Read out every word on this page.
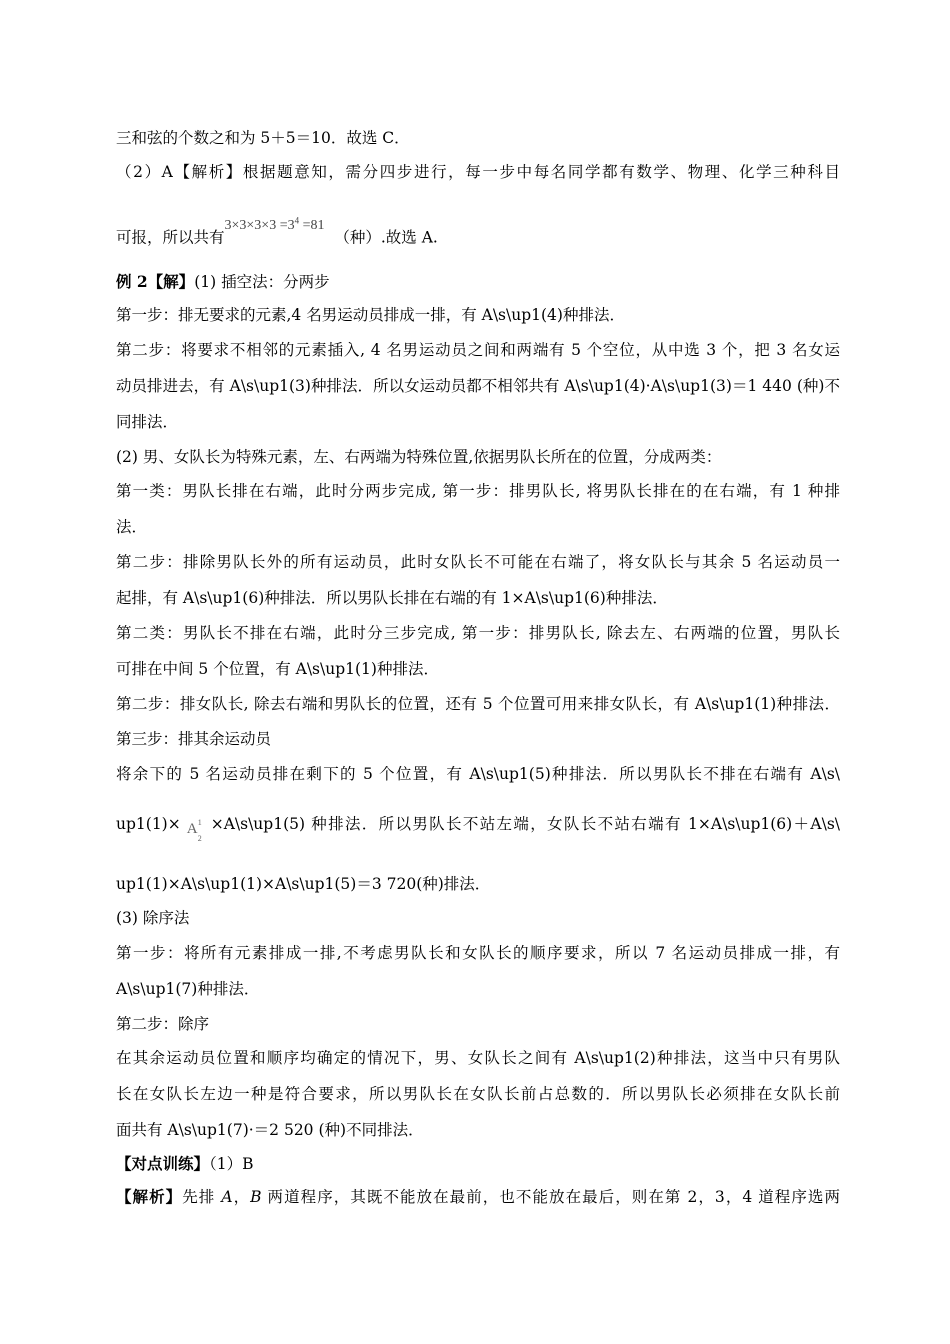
三和弦的个数之和为 5＋5＝10．故选 C．
（2）A【解析】根据题意知，需分四步进行，每一步中每名同学都有数学、物理、化学三种科目
可报，所以共有$3\times 3\times 3\times 3 =3^4 =81$  （种）.故选 A.
例 2【解】(1) 插空法：分两步
第一步：排无要求的元素,4 名男运动员排成一排，有 A\s\up1(4)种排法．
第二步：将要求不相邻的元素插入, 4 名男运动员之间和两端有 5 个空位，从中选 3 个，把 3 名女运
动员排进去，有 A\s\up1(3)种排法．所以女运动员都不相邻共有 A\s\up1(4)·A\s\up1(3)＝1 440 (种)不
同排法．
(2) 男、女队长为特殊元素，左、右两端为特殊位置,依据男队长所在的位置，分成两类：
第一类：男队长排在右端，此时分两步完成, 第一步：排男队长, 将男队长排在的在右端，有 1 种排
法．
第二步：排除男队长外的所有运动员，此时女队长不可能在右端了，将女队长与其余 5 名运动员一
起排，有 A\s\up1(6)种排法．所以男队长排在右端的有 1×A\s\up1(6)种排法．
第二类：男队长不排在右端，此时分三步完成, 第一步：排男队长, 除去左、右两端的位置，男队长
可排在中间 5 个位置，有 A\s\up1(1)种排法．
第二步：排女队长, 除去右端和男队长的位置，还有 5 个位置可用来排女队长，有 A\s\up1(1)种排法．
第三步：排其余运动员
将余下的 5 名运动员排在剩下的 5 个位置，有 A\s\up1(5)种排法．所以男队长不排在右端有 A\s\
up1(1)× A 1
2
×A\s\up1(5) 种排法．所以男队长不站左端，女队长不站右端有 1×A\s\up1(6)＋A\s\
up1(1)×A\s\up1(1)×A\s\up1(5)＝3 720(种)排法．
(3) 除序法
第一步：将所有元素排成一排,不考虑男队长和女队长的顺序要求，所以 7 名运动员排成一排，有
A\s\up1(7)种排法．
第二步：除序
在其余运动员位置和顺序均确定的情况下，男、女队长之间有 A\s\up1(2)种排法，这当中只有男队
长在女队长左边一种是符合要求，所以男队长在女队长前占总数的．所以男队长必须排在女队长前
面共有 A\s\up1(7)·＝2 520 (种)不同排法．
【对点训练】（1）B
【解析】先排 A，B 两道程序，其既不能放在最前，也不能放在最后，则在第 2，3，4 道程序选两
